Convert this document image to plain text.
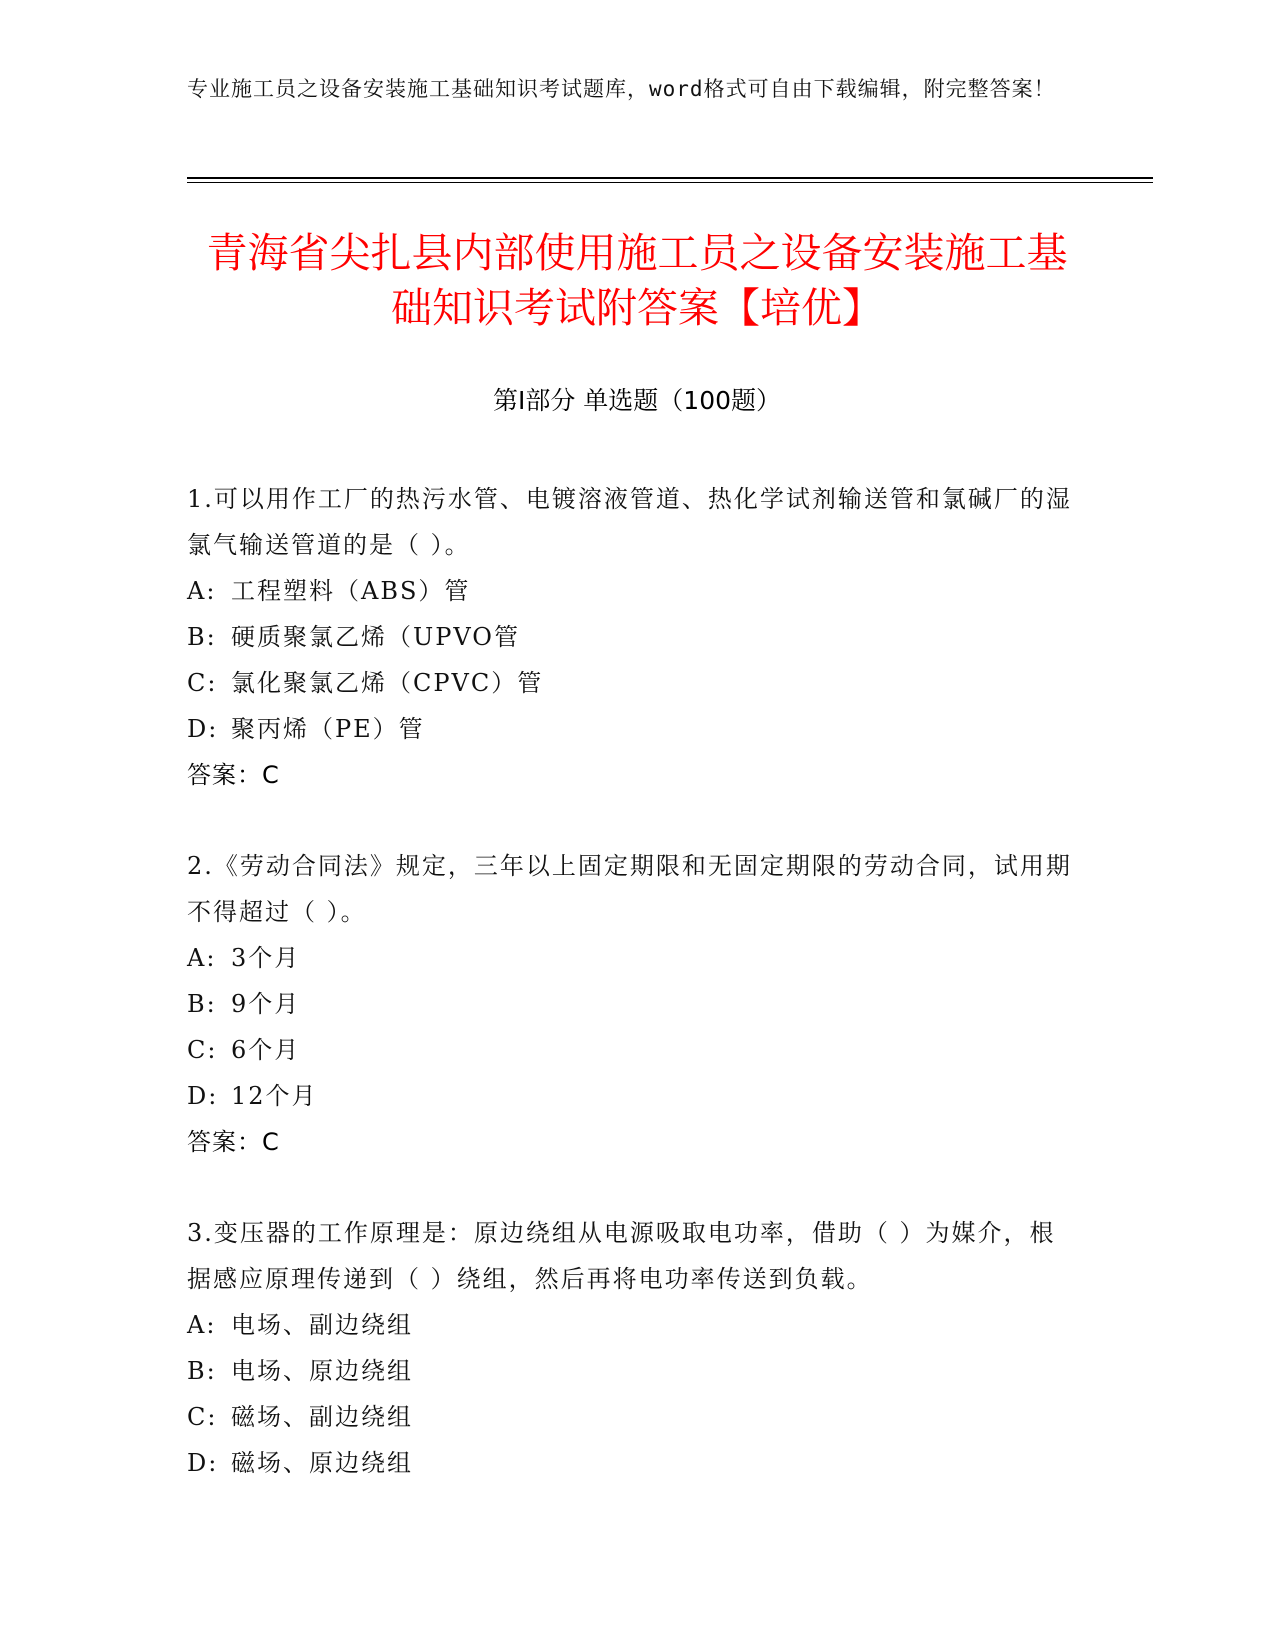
专业施工员之设备安装施工基础知识考试题库，word格式可自由下载编辑，附完整答案！

青海省尖扎县内部使用施工员之设备安装施工基础知识考试附答案【培优】
第Ⅰ部分 单选题（100题）

1.可以用作工厂的热污水管、电镀溶液管道、热化学试剂输送管和氯碱厂的湿氯气输送管道的是（ ）。

A: 工程塑料（ABS）管

B: 硬质聚氯乙烯（UPVO管

C: 氯化聚氯乙烯（CPVC）管

D: 聚丙烯（PE）管

答案：C

2.《劳动合同法》规定，三年以上固定期限和无固定期限的劳动合同，试用期不得超过（ ）。

A: 3个月

B: 9个月

C: 6个月

D: 12个月

答案：C

3.变压器的工作原理是：原边绕组从电源吸取电功率，借助（ ）为媒介，根据感应原理传递到（ ）绕组，然后再将电功率传送到负载。

A: 电场、副边绕组

B: 电场、原边绕组

C: 磁场、副边绕组

D: 磁场、原边绕组
